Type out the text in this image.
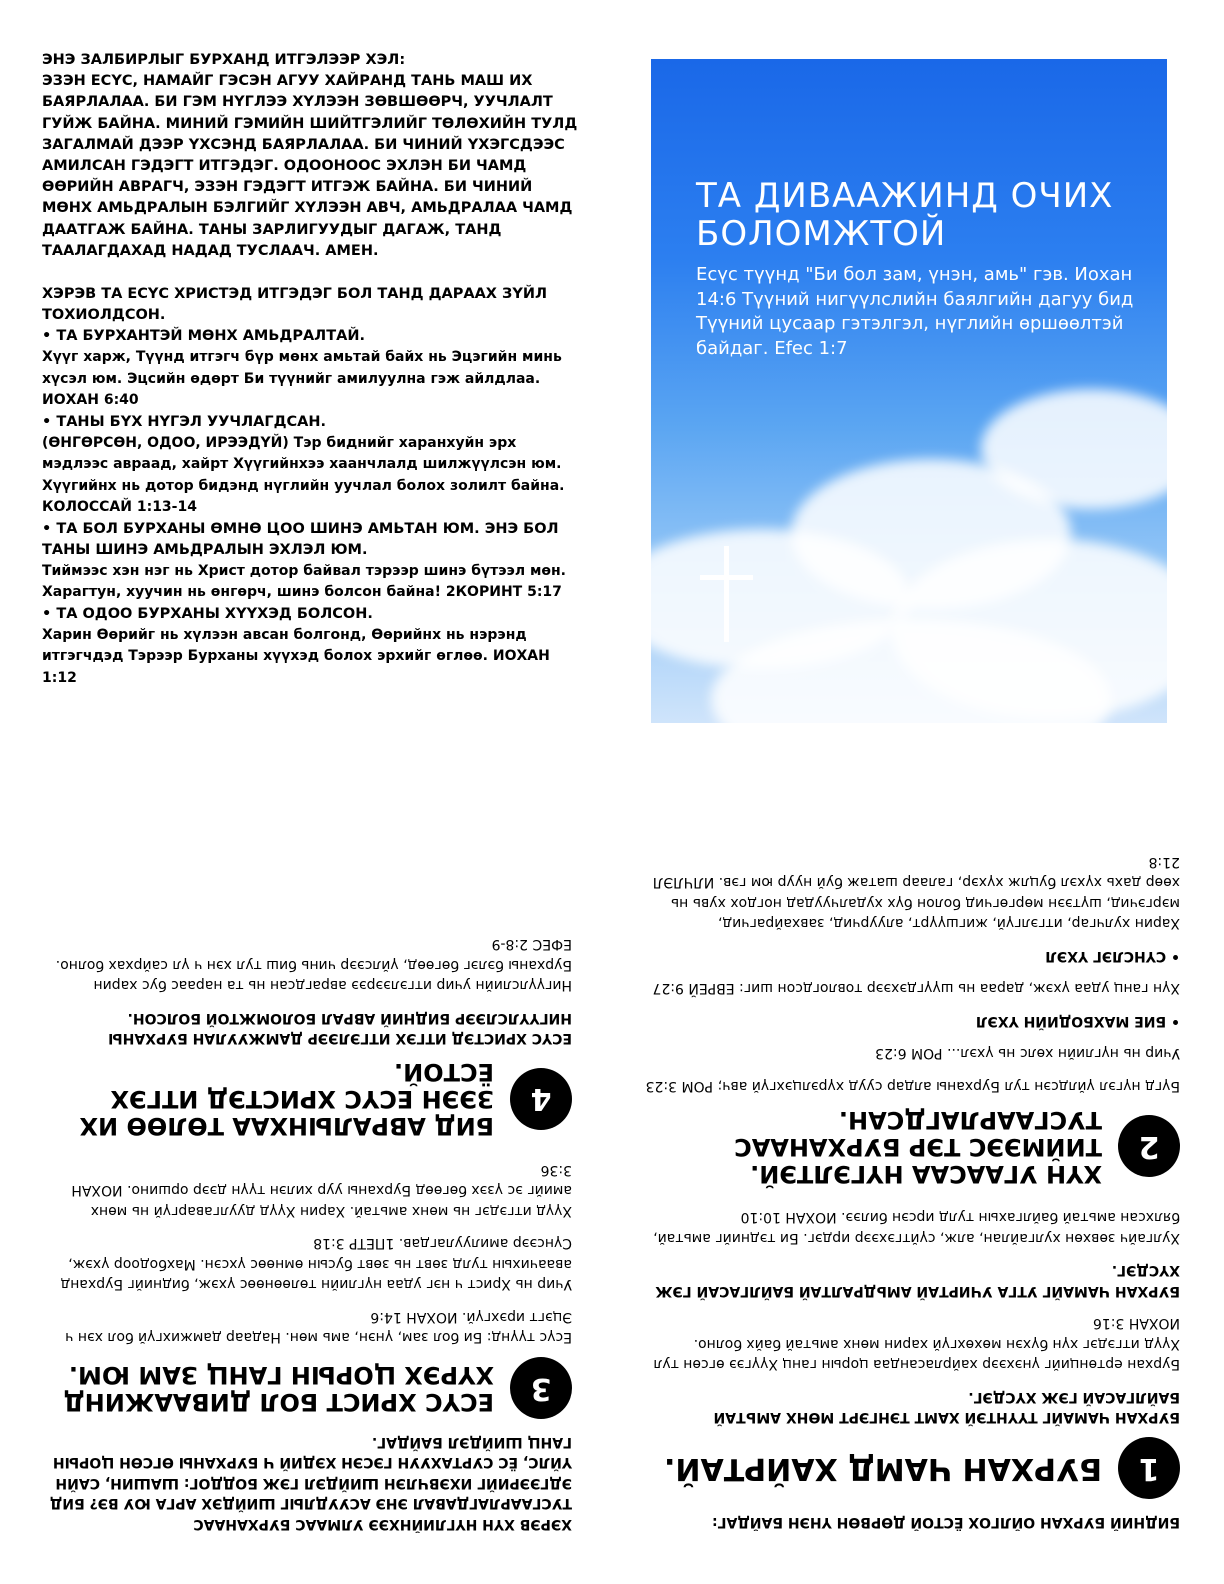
ЭНЭ ЗАЛБИРЛЫГ БУРХАНД ИТГЭЛЭЭР ХЭЛ:

ЭЗЭН ЕСҮС, НАМАЙГ ГЭСЭН АГУУ ХАЙРАНД ТАНЬ МАШ ИХ БАЯРЛАЛАА. БИ ГЭМ НҮГЛЭЭ ХҮЛЭЭН ЗӨВШӨӨРЧ, УУЧЛАЛТ ГУЙЖ БАЙНА. МИНИЙ ГЭМИЙН ШИЙТГЭЛИЙГ ТӨЛӨХИЙН ТУЛД ЗАГАЛМАЙ ДЭЭР ҮХСЭНД БАЯРЛАЛАА. БИ ЧИНИЙ ҮХЭГСДЭЭС АМИЛСАН ГЭДЭГТ ИТГЭДЭГ. ОДООНООС ЭХЛЭН БИ ЧАМД ӨӨРИЙН АВРАГЧ, ЭЗЭН ГЭДЭГТ ИТГЭЖ БАЙНА. БИ ЧИНИЙ МӨНХ АМЬДРАЛЫН БЭЛГИЙГ ХҮЛЭЭН АВЧ, АМЬДРАЛАА ЧАМД ДААТГАЖ БАЙНА. ТАНЫ ЗАРЛИГУУДЫГ ДАГАЖ, ТАНД ТААЛАГДАХАД НАДАД ТУСЛААЧ. АМЕН.

ХЭРЭВ ТА ЕСҮС ХРИСТЭД ИТГЭДЭГ БОЛ ТАНД ДАРААХ ЗҮЙЛ ТОХИОЛДСОН.

• ТА БУРХАНТЭЙ МӨНХ АМЬДРАЛТАЙ.

Хүүг харж, Түүнд итгэгч бүр мөнх амьтай байх нь Эцэгийн минь хүсэл юм. Эцсийн өдөрт Би түүнийг амилуулна гэж айлдлаа. ИОХАН 6:40

• ТАНЫ БҮХ НҮГЭЛ УУЧЛАГДСАН.

(ӨНГӨРСӨН, ОДОО, ИРЭЭДҮЙ) Тэр биднийг харанхуйн эрх мэдлээс авраад, хайрт Хүүгийнхээ хаанчлалд шилжүүлсэн юм. Хүүгийнх нь дотор бидэнд нүглийн уучлал болох золилт байна. КОЛОССАЙ 1:13-14

• ТА БОЛ БУРХАНЫ ӨМНӨ ЦОО ШИНЭ АМЬТАН ЮМ. ЭНЭ БОЛ ТАНЫ ШИНЭ АМЬДРАЛЫН ЭХЛЭЛ ЮМ.

Тиймээс хэн нэг нь Христ дотор байвал тэрээр шинэ бүтээл мөн. Харагтун, хуучин нь өнгөрч, шинэ болсон байна! 2КОРИНТ 5:17

• ТА ОДОО БУРХАНЫ ХҮҮХЭД БОЛСОН.

Харин Өөрийг нь хүлээн авсан болгонд, Өөрийнх нь нэрэнд итгэгчдэд Тэрээр Бурханы хүүхэд болох эрхийг өглөө. ИОХАН 1:12

ТА ДИВААЖИНД ОЧИХ БОЛОМЖТОЙ
Есүс түүнд "Би бол зам, үнэн, амь" гэв. Иохан 14:6 Түүний нигүүлслийн баялгийн дагуу бид Түүний цусаар гэтэлгэл, нүглийн өршөөлтэй байдаг. Efec 1:7

ХЭРЭВ ХҮН НҮГЛИЙНХЭЭ УЛМААС БУРХАНААС ТУСГААРЛАГДАВАЛ ЭНЭ АСУУДЛЫГ ШИЙДЭХ АРГА ЮУ ВЭ? БИД ЭДГЭЭРИЙГ ИХЭВЧЛЭН ШИЙДЭЛ ГЭЖ БОДДОГ: ШАШИН, САЙН ҮЙЛС, ЁС СУРТАХУУН ГЭСЭН ХЭДИЙ Ч БУРХАНЫ ӨГСӨН ЦОРЫН ГАНЦ ШИЙДЭЛ БАЙДАГ.

3
ЕСҮС ХРИСТ БОЛ ДИВААЖИНД ХҮРЭХ ЦОРЫН ГАНЦ ЗАМ ЮМ.

Есүс түүнд: Би бол зам, үнэн, амь мөн. Надаар дамжихгүй бол хэн ч Эцэгт ирэхгүй. ИОХАН 14:6

Учир нь Христ ч нэг удаа нүглийн төлөөнөөс үхэж, биднийг Бурханд аваачихын тулд зөвт нь зөвт бусын өмнөөс үхсэн. Махбодоор үхэж, Сүнсээр амилуулагдав. 1ПЕТР 3:18

Хүүд итгэдэг нь мөнх амьтай. Харин Хүүд дуулгаваргүй нь мөнх амийг эс үзэх бөгөөд Бурханы уур хилэн түүн дээр оршино. ИОХАН 3:36

4
БИД АВРАЛЫНХАА ТӨЛӨӨ ИХ ЗЭЭН ЕСҮС ХРИСТЭД ИТГЭХ ЁСТОЙ.

ЕСҮС ХРИСТЭД ИТГЭХ ИТГЭЛЭЭР ДАМЖУУЛАН БУРХАНЫ НИГҮҮЛСЛЭЭР БИДНИЙ АВРАЛ БОЛОМЖТОЙ БОЛСОН.

Нигүүлслийн учир итгэлээрээ аврагдсан нь та нараас бус харин Бурханы бэлэг бөгөөд, үйлсээр чинь биш тул хэн ч үл сайрхах болно. ЕФЕС 2:8-9

БИДНИЙ БУРХАН ОЙЛГОХ ЁСТОЙ ДӨРВӨН ҮНЭН БАЙДАГ:

1
БУРХАН ЧАМД ХАЙРТАЙ.

БУРХАН ЧАМАЙГ ТҮҮНТЭЙ ХАМТ ТЭНГЭРТ МӨНХ АМЬТАЙ БАЙЛГАСАЙ ГЭЖ ХҮСДЭГ.

Бурхан ертөнцийг үнэхээр хайрласандаа цорын ганц Хүүгээ өгсөн тул Хүүд итгэдэг хүн бүхэн мөхөхгүй харин мөнх амьтай байх болно. ИОХАН 3:16

БУРХАН ЧАМАЙГ УТГА УЧИРТАЙ АМЬДРАЛТАЙ БАЙЛГАСАЙ ГЭЖ ХҮСДЭГ.

Хулгайч зөвхөн хулгайлан, алж, сүйтгэхээр ирдэг. Би тэднийг амьтай, бялхсан амьтай байлгахын тулд ирсэн билээ. ИОХАН 10:10

2
ХҮН УГААСАА НҮГЭЛТЭЙ. ТИЙМЭЭС ТЭР БУРХАНААС ТУСГААРЛАГДСАН.

Бүгд нүгэл үйлдсэн тул Бурханы алдар сууд хүрэлцэхгүй авч; РОМ 3:23

Учир нь нүглийн хөлс нь үхэл... РОМ 6:23

• БИЕ МАХБОДИЙН ҮХЭЛ

Хүн ганц удаа үхэж, дараа нь шүүгдэхээр товлогдсон шиг: ЕВРЕЙ 9:27

• СҮНСЛЭГ ҮХЭЛ

Харин хулчгар, итгэлгүй, жигшүүрт, алуурчид, завхайрагчид, мэргэчид, шүтээн мөргөгчид болон бүх худалчуудад ногдох хувь нь хөөр дахь хүхэл буцлж хүхэр, галаар шатаж буй нуур юм гэв. ИЛЧЛЭЛ 21:8
